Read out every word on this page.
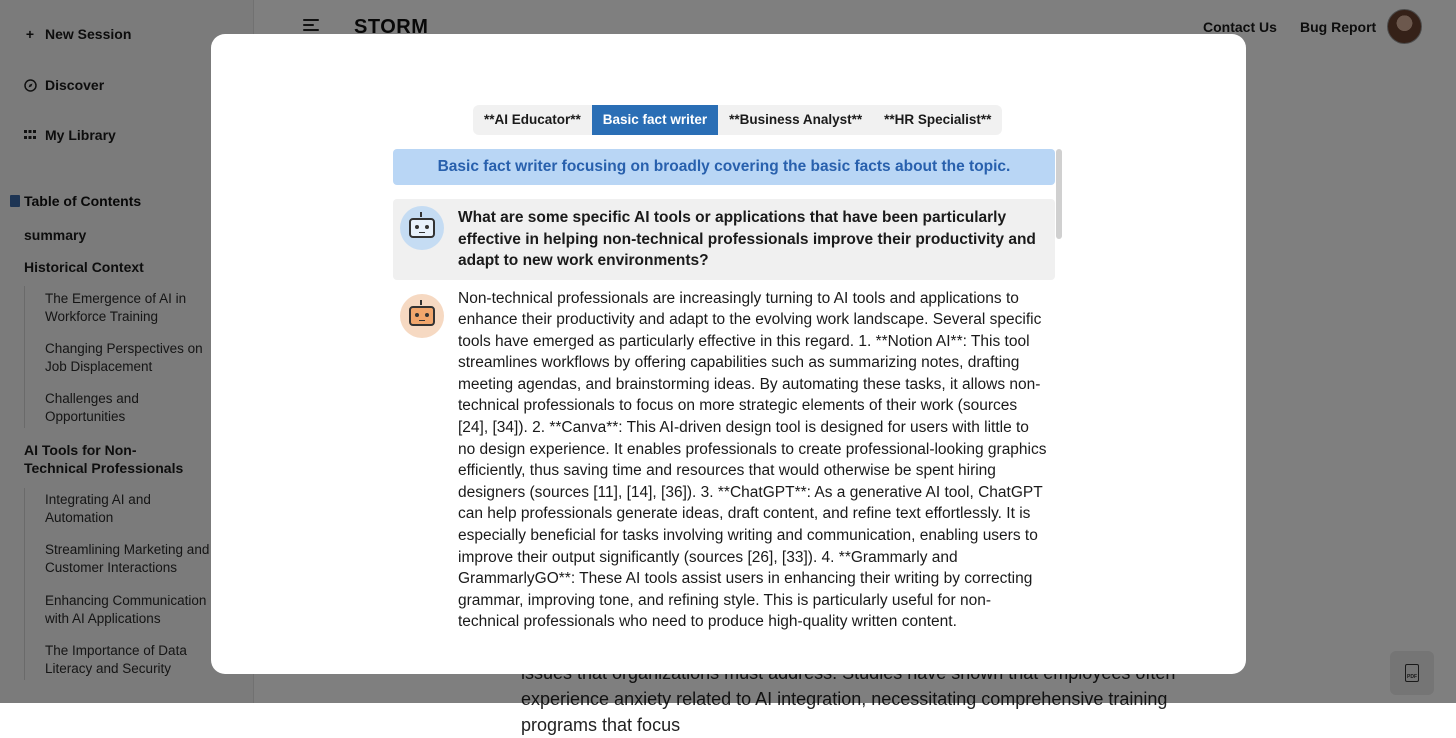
programs that focus
**AI Educator**	Basic fact writer	**Business Analyst**	**HR Specialist**
Basic fact writer focusing on broadly covering the basic facts about the topic.
What are some specific AI tools or applications that have been particularly effective in helping non-technical professionals improve their productivity and adapt to new work environments?
Non-technical professionals are increasingly turning to AI tools and applications to enhance their productivity and adapt to the evolving work landscape. Several specific tools have emerged as particularly effective in this regard. 1. **Notion AI**: This tool streamlines workflows by offering capabilities such as summarizing notes, drafting meeting agendas, and brainstorming ideas. By automating these tasks, it allows non-technical professionals to focus on more strategic elements of their work (sources [24], [34]). 2. **Canva**: This AI-driven design tool is designed for users with little to no design experience. It enables professionals to create professional-looking graphics efficiently, thus saving time and resources that would otherwise be spent hiring designers (sources [11], [14], [36]). 3. **ChatGPT**: As a generative AI tool, ChatGPT can help professionals generate ideas, draft content, and refine text effortlessly. It is especially beneficial for tasks involving writing and communication, enabling users to improve their output significantly (sources [26], [33]). 4. **Grammarly and GrammarlyGO**: These AI tools assist users in enhancing their writing by correcting grammar, improving tone, and refining style. This is particularly useful for non-technical professionals who need to produce high-quality written content.
